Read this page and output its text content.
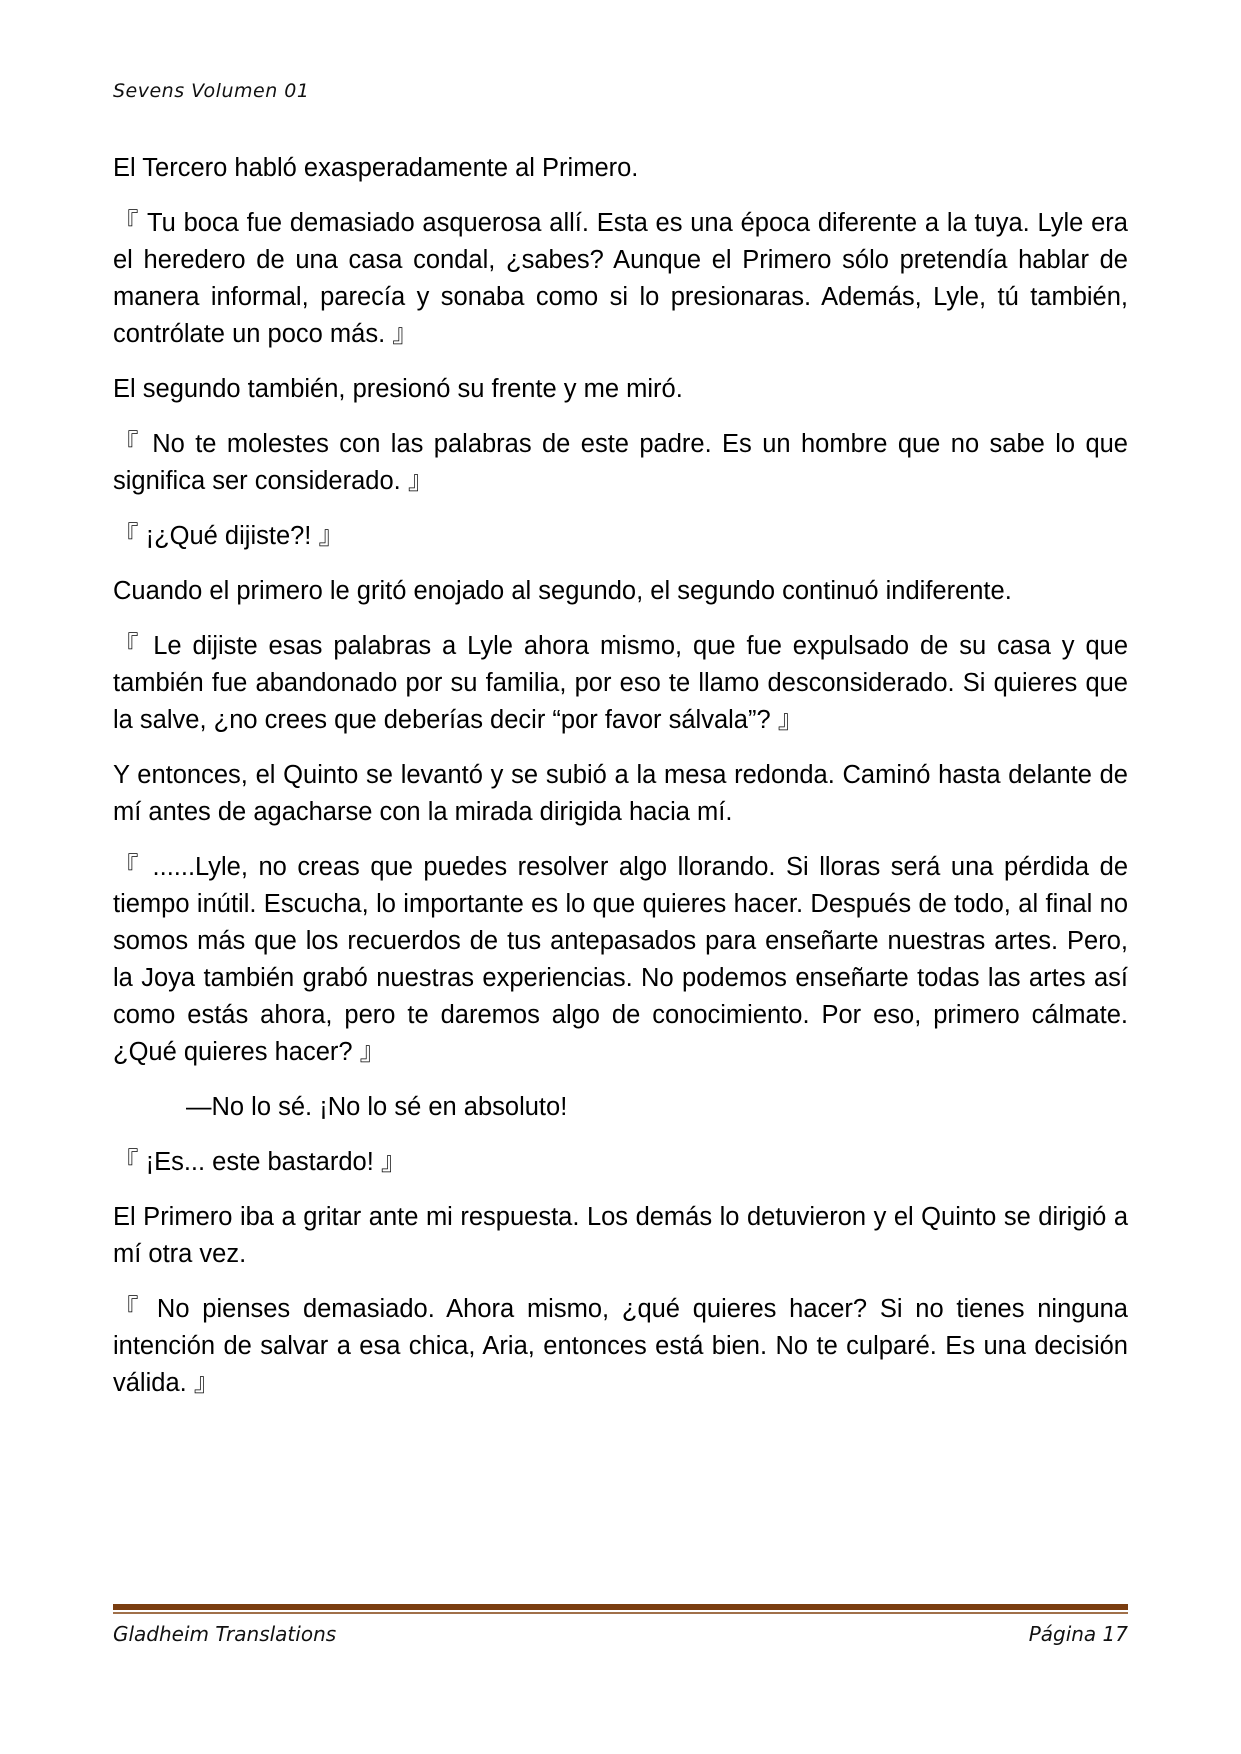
Sevens Volumen 01

El Tercero habló exasperadamente al Primero.

『 Tu boca fue demasiado asquerosa allí. Esta es una época diferente a la tuya. Lyle era el heredero de una casa condal, ¿sabes? Aunque el Primero sólo pretendía hablar de manera informal, parecía y sonaba como si lo presionaras. Además, Lyle, tú también, contrólate un poco más. 』

El segundo también, presionó su frente y me miró.

『 No te molestes con las palabras de este padre. Es un hombre que no sabe lo que significa ser considerado. 』

『 ¡¿Qué dijiste?! 』

Cuando el primero le gritó enojado al segundo, el segundo continuó indiferente.

『 Le dijiste esas palabras a Lyle ahora mismo, que fue expulsado de su casa y que también fue abandonado por su familia, por eso te llamo desconsiderado. Si quieres que la salve, ¿no crees que deberías decir “por favor sálvala”? 』

Y entonces, el Quinto se levantó y se subió a la mesa redonda. Caminó hasta delante de mí antes de agacharse con la mirada dirigida hacia mí.

『 ......Lyle, no creas que puedes resolver algo llorando. Si lloras será una pérdida de tiempo inútil. Escucha, lo importante es lo que quieres hacer. Después de todo, al final no somos más que los recuerdos de tus antepasados para enseñarte nuestras artes. Pero, la Joya también grabó nuestras experiencias. No podemos enseñarte todas las artes así como estás ahora, pero te daremos algo de conocimiento. Por eso, primero cálmate. ¿Qué quieres hacer? 』

—No lo sé. ¡No lo sé en absoluto!

『 ¡Es... este bastardo! 』

El Primero iba a gritar ante mi respuesta. Los demás lo detuvieron y el Quinto se dirigió a mí otra vez.

『 No pienses demasiado. Ahora mismo, ¿qué quieres hacer? Si no tienes ninguna intención de salvar a esa chica, Aria, entonces está bien. No te culparé. Es una decisión válida. 』

Gladheim Translations	Página 17
